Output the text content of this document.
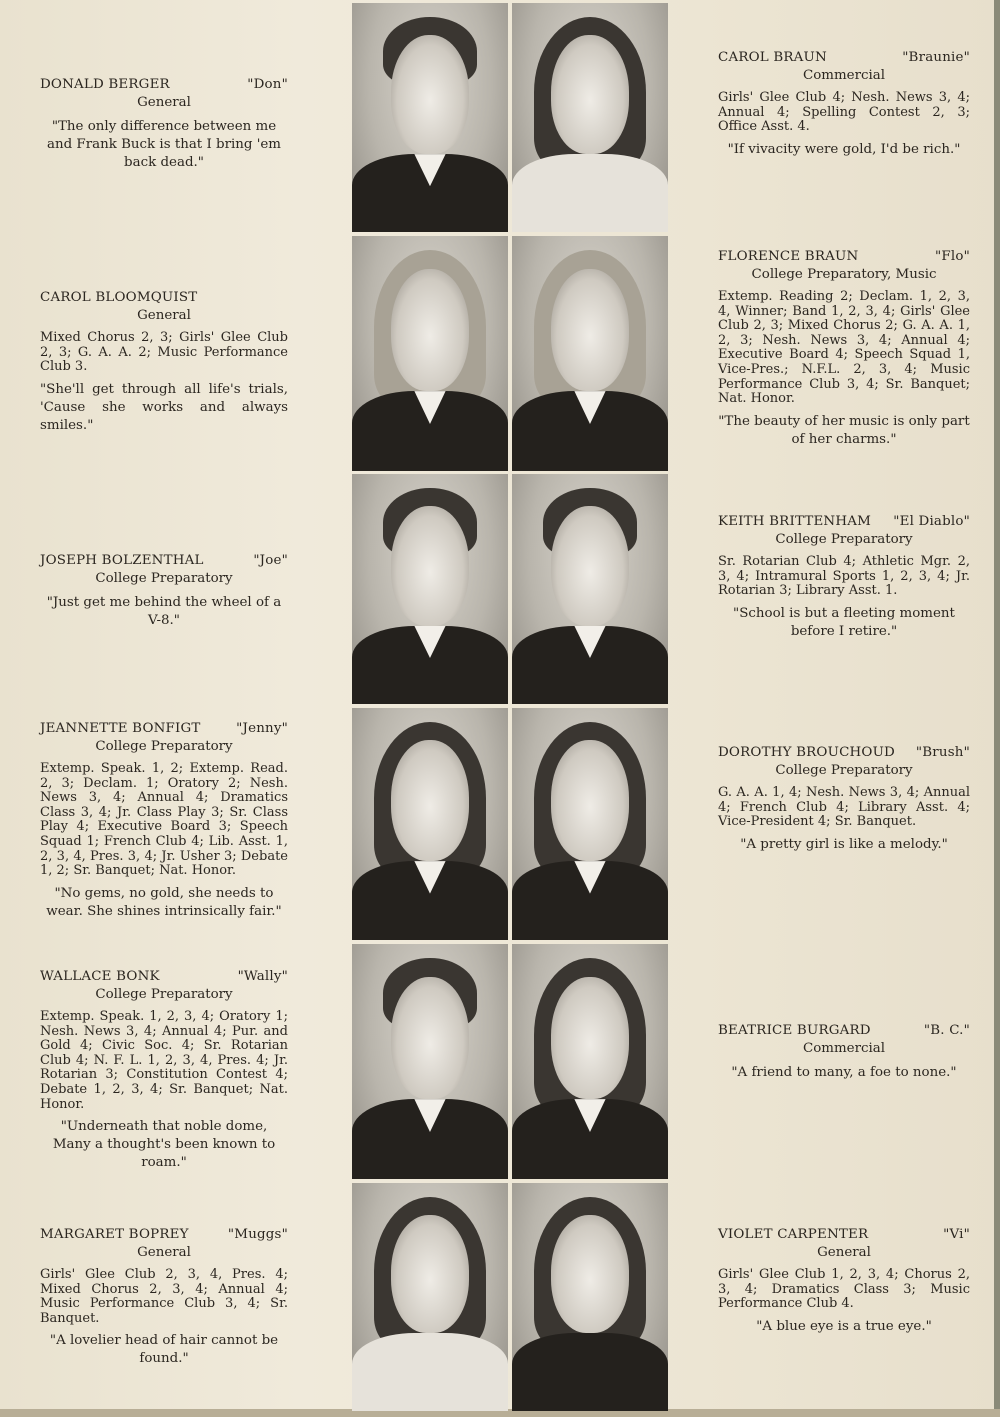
DONALD BERGER	"Don"
General
"The only difference between me and Frank Buck is that I bring 'em back dead."
CAROL BLOOMQUIST
General
Mixed Chorus 2, 3; Girls' Glee Club 2, 3; G. A. A. 2; Music Performance Club 3.
"She'll get through all life's trials, 'Cause she works and always smiles."
JOSEPH BOLZENTHAL	"Joe"
College Preparatory
"Just get me behind the wheel of a V-8."
JEANNETTE BONFIGT	"Jenny"
College Preparatory
Extemp. Speak. 1, 2; Extemp. Read. 2, 3; Declam. 1; Oratory 2; Nesh. News 3, 4; Annual 4; Dramatics Class 3, 4; Jr. Class Play 3; Sr. Class Play 4; Executive Board 3; Speech Squad 1; French Club 4; Lib. Asst. 1, 2, 3, 4, Pres. 3, 4; Jr. Usher 3; Debate 1, 2; Sr. Banquet; Nat. Honor.
"No gems, no gold, she needs to wear. She shines intrinsically fair."
WALLACE BONK	"Wally"
College Preparatory
Extemp. Speak. 1, 2, 3, 4; Oratory 1; Nesh. News 3, 4; Annual 4; Pur. and Gold 4; Civic Soc. 4; Sr. Rotarian Club 4; N. F. L. 1, 2, 3, 4, Pres. 4; Jr. Rotarian 3; Constitution Contest 4; Debate 1, 2, 3, 4; Sr. Banquet; Nat. Honor.
"Underneath that noble dome, Many a thought's been known to roam."
MARGARET BOPREY	"Muggs"
General
Girls' Glee Club 2, 3, 4, Pres. 4; Mixed Chorus 2, 3, 4; Annual 4; Music Performance Club 3, 4; Sr. Banquet.
"A lovelier head of hair cannot be found."
CAROL BRAUN	"Braunie"
Commercial
Girls' Glee Club 4; Nesh. News 3, 4; Annual 4; Spelling Contest 2, 3; Office Asst. 4.
"If vivacity were gold, I'd be rich."
FLORENCE BRAUN	"Flo"
College Preparatory, Music
Extemp. Reading 2; Declam. 1, 2, 3, 4, Winner; Band 1, 2, 3, 4; Girls' Glee Club 2, 3; Mixed Chorus 2; G. A. A. 1, 2, 3; Nesh. News 3, 4; Annual 4; Executive Board 4; Speech Squad 1, Vice-Pres.; N.F.L. 2, 3, 4; Music Performance Club 3, 4; Sr. Banquet; Nat. Honor.
"The beauty of her music is only part of her charms."
KEITH BRITTENHAM "El Diablo"
College Preparatory
Sr. Rotarian Club 4; Athletic Mgr. 2, 3, 4; Intramural Sports 1, 2, 3, 4; Jr. Rotarian 3; Library Asst. 1.
"School is but a fleeting moment before I retire."
DOROTHY BROUCHOUD "Brush"
College Preparatory
G. A. A. 1, 4; Nesh. News 3, 4; Annual 4; French Club 4; Library Asst. 4; Vice-President 4; Sr. Banquet.
"A pretty girl is like a melody."
BEATRICE BURGARD	"B. C."
Commercial
"A friend to many, a foe to none."
VIOLET CARPENTER	"Vi"
General
Girls' Glee Club 1, 2, 3, 4; Chorus 2, 3, 4; Dramatics Class 3; Music Performance Club 4.
"A blue eye is a true eye."
